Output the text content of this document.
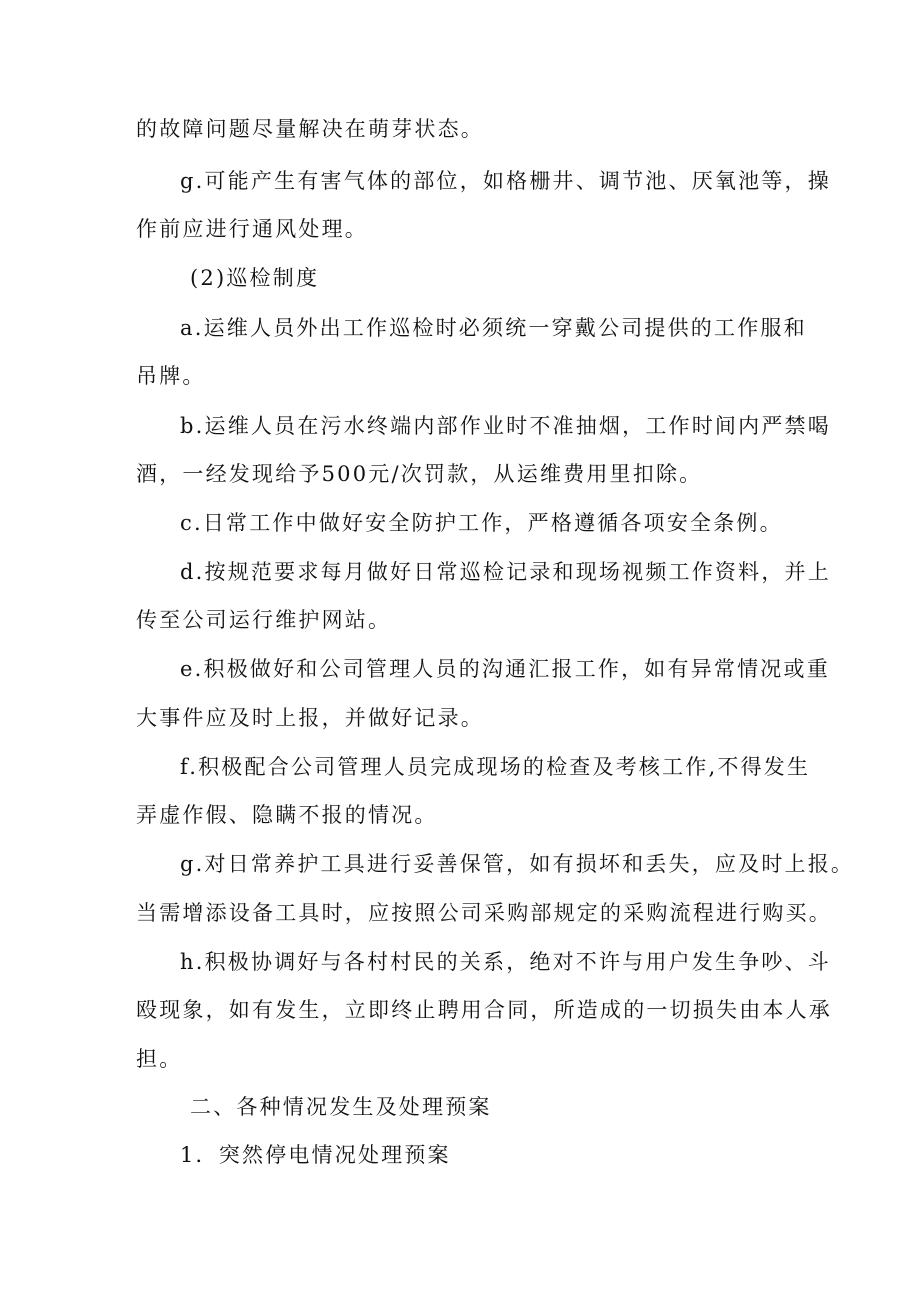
的故障问题尽量解决在萌芽状态。

g.可能产生有害气体的部位，如格栅井、调节池、厌氧池等，操

作前应进行通风处理。

(2)巡检制度

a.运维人员外出工作巡检时必须统一穿戴公司提供的工作服和

吊牌。

b.运维人员在污水终端内部作业时不准抽烟，工作时间内严禁喝

酒，一经发现给予500元/次罚款，从运维费用里扣除。

c.日常工作中做好安全防护工作，严格遵循各项安全条例。

d.按规范要求每月做好日常巡检记录和现场视频工作资料，并上

传至公司运行维护网站。

e.积极做好和公司管理人员的沟通汇报工作，如有异常情况或重

大事件应及时上报，并做好记录。

f.积极配合公司管理人员完成现场的检查及考核工作,不得发生

弄虚作假、隐瞒不报的情况。

g.对日常养护工具进行妥善保管，如有损坏和丢失，应及时上报。

当需增添设备工具时，应按照公司采购部规定的采购流程进行购买。

h.积极协调好与各村村民的关系，绝对不许与用户发生争吵、斗

殴现象，如有发生，立即终止聘用合同，所造成的一切损失由本人承

担。

二、各种情况发生及处理预案

1．突然停电情况处理预案
